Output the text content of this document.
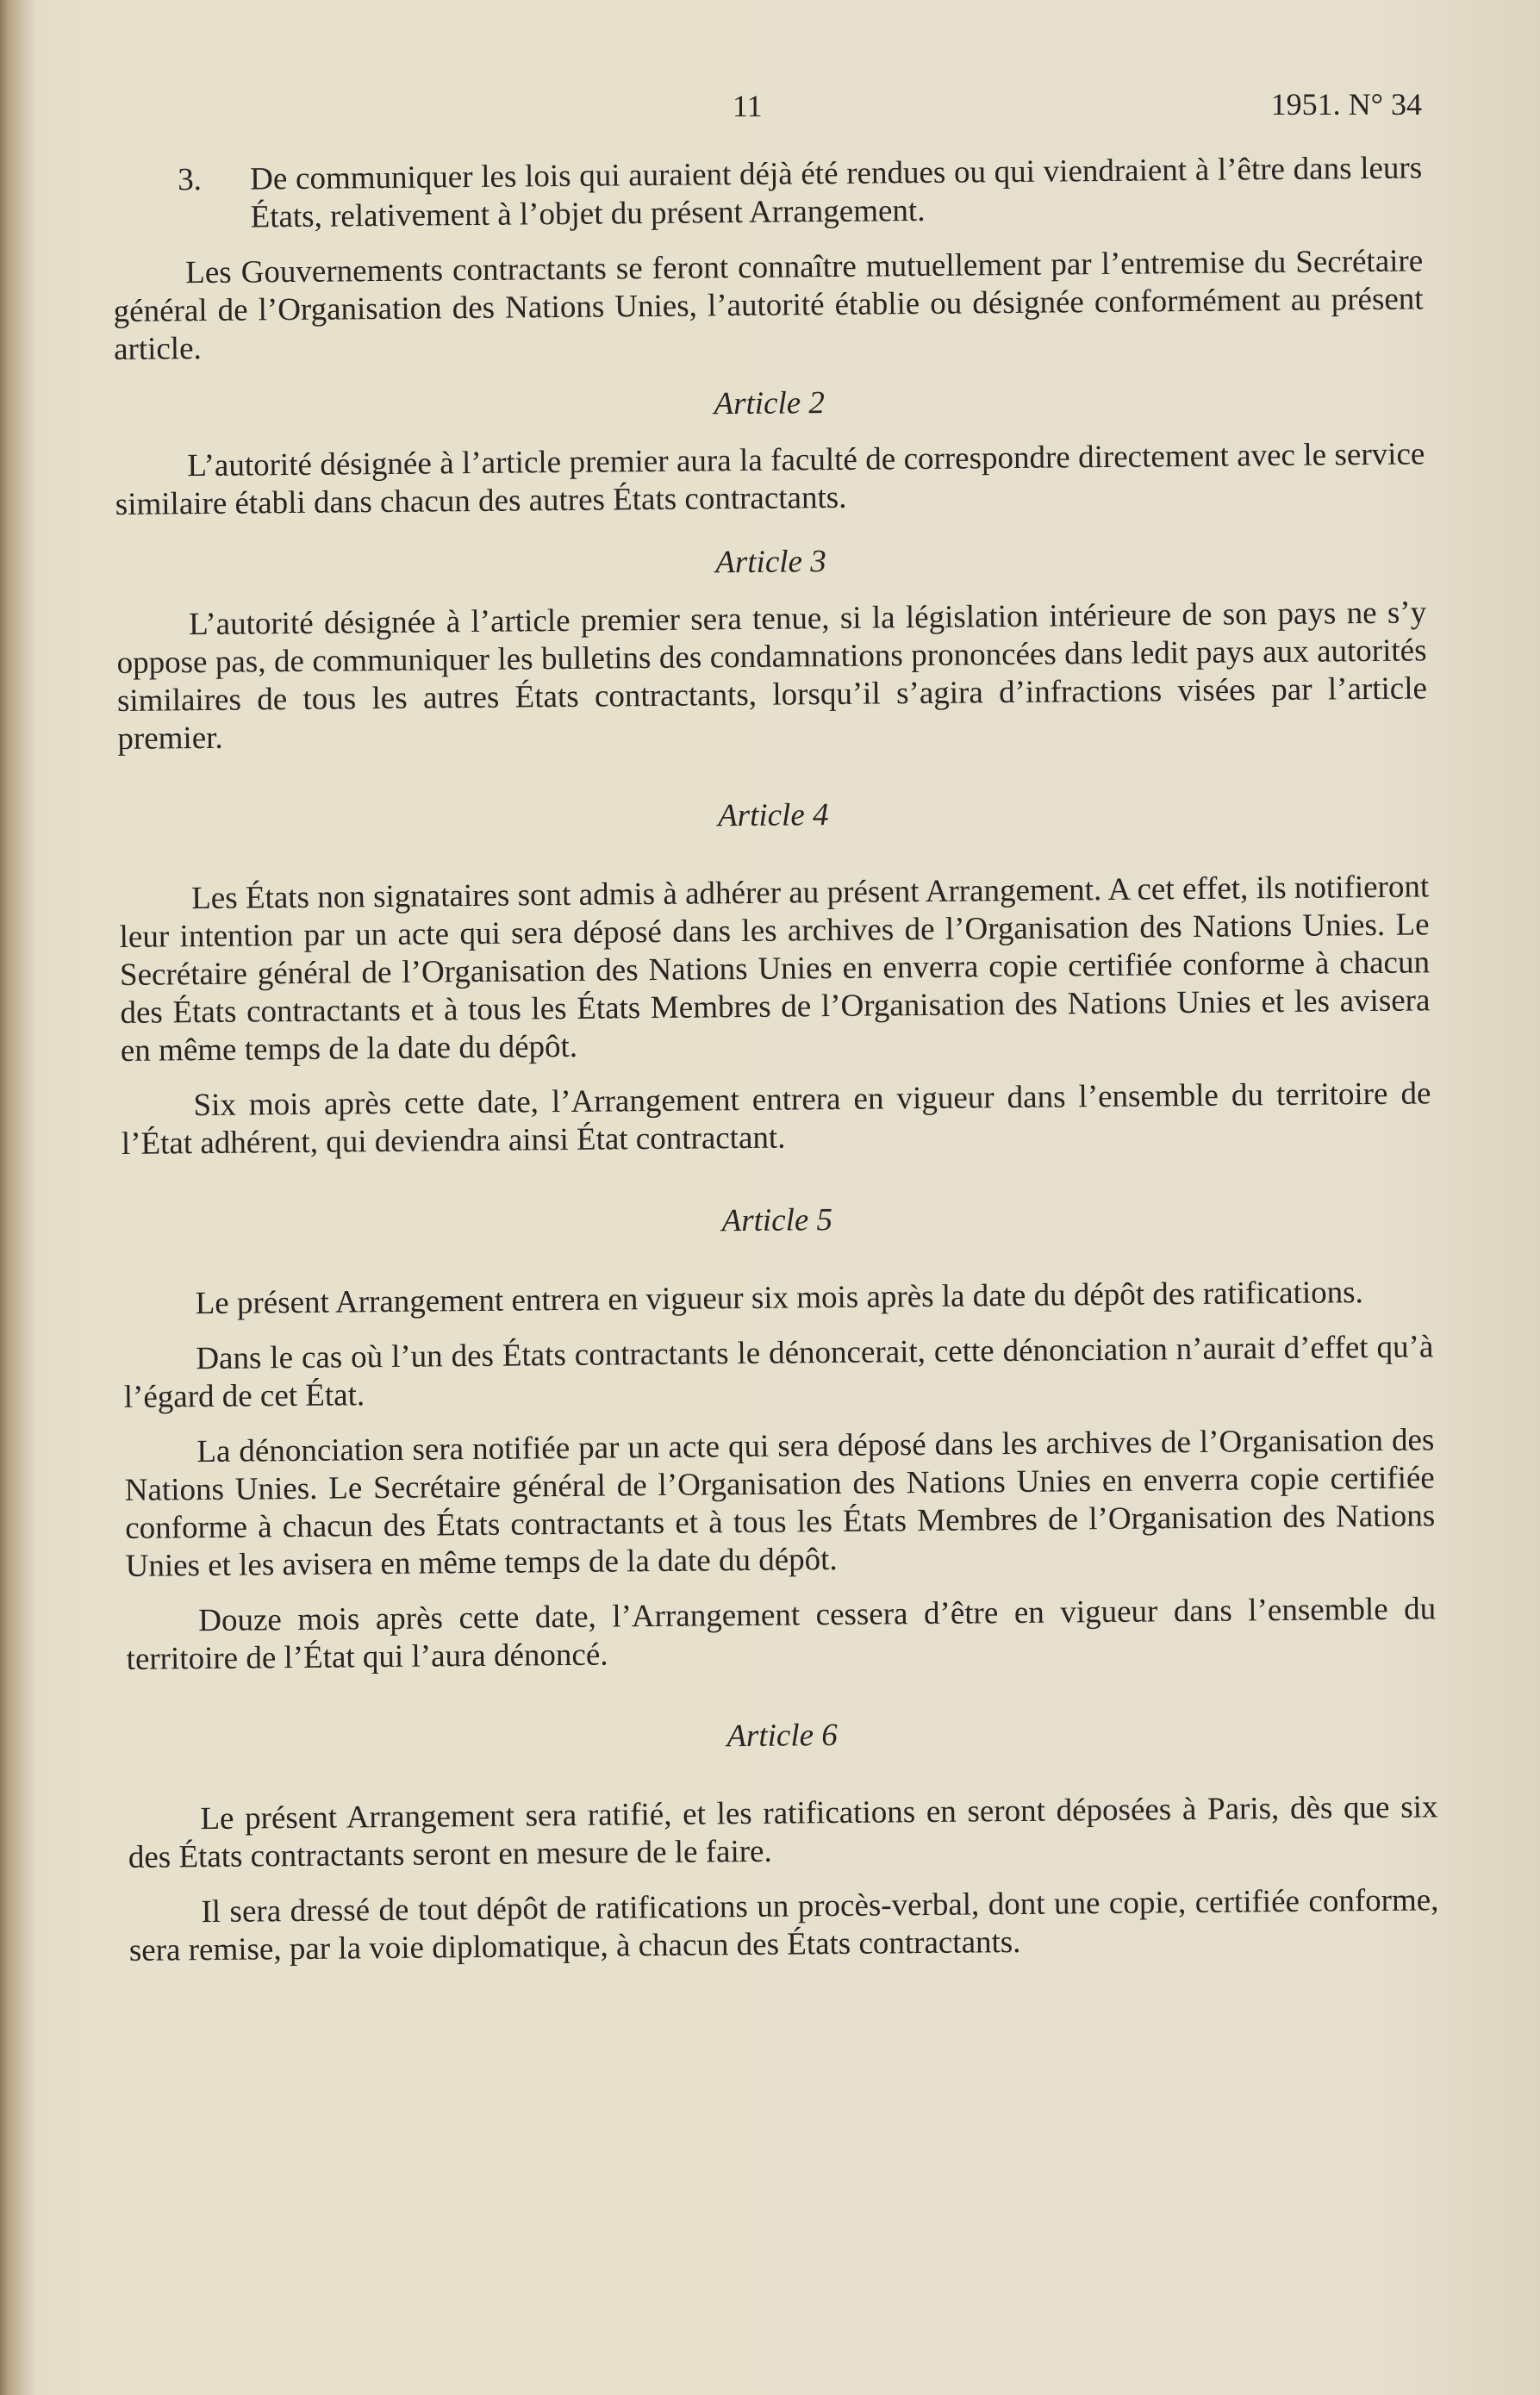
11	1951. N° 34
3.	De communiquer les lois qui auraient déjà été rendues ou qui viendraient à l’être dans leurs États, relativement à l’objet du présent Arrangement.

Les Gouvernements contractants se feront connaître mutuellement par l’entremise du Secrétaire général de l’Organisation des Nations Unies, l’autorité établie ou désignée conformément au présent article.

Article 2

L’autorité désignée à l’article premier aura la faculté de correspondre directement avec le service similaire établi dans chacun des autres États contractants.

Article 3

L’autorité désignée à l’article premier sera tenue, si la législation intérieure de son pays ne s’y oppose pas, de communiquer les bulletins des condamnations prononcées dans ledit pays aux autorités similaires de tous les autres États contractants, lorsqu’il s’agira d’infractions visées par l’article premier.

Article 4

Les États non signataires sont admis à adhérer au présent Arrangement. A cet effet, ils notifieront leur intention par un acte qui sera déposé dans les archives de l’Organisation des Nations Unies. Le Secrétaire général de l’Organisation des Nations Unies en enverra copie certifiée conforme à chacun des États contractants et à tous les États Membres de l’Organisation des Nations Unies et les avisera en même temps de la date du dépôt.

Six mois après cette date, l’Arrangement entrera en vigueur dans l’ensemble du territoire de l’État adhérent, qui deviendra ainsi État contractant.

Article 5

Le présent Arrangement entrera en vigueur six mois après la date du dépôt des ratifications.

Dans le cas où l’un des États contractants le dénoncerait, cette dénonciation n’aurait d’effet qu’à l’égard de cet État.

La dénonciation sera notifiée par un acte qui sera déposé dans les archives de l’Organisation des Nations Unies. Le Secrétaire général de l’Organisation des Nations Unies en enverra copie certifiée conforme à chacun des États contractants et à tous les États Membres de l’Organisation des Nations Unies et les avisera en même temps de la date du dépôt.

Douze mois après cette date, l’Arrangement cessera d’être en vigueur dans l’ensemble du territoire de l’État qui l’aura dénoncé.

Article 6

Le présent Arrangement sera ratifié, et les ratifications en seront déposées à Paris, dès que six des États contractants seront en mesure de le faire.

Il sera dressé de tout dépôt de ratifications un procès-verbal, dont une copie, certifiée conforme, sera remise, par la voie diplomatique, à chacun des États contractants.
